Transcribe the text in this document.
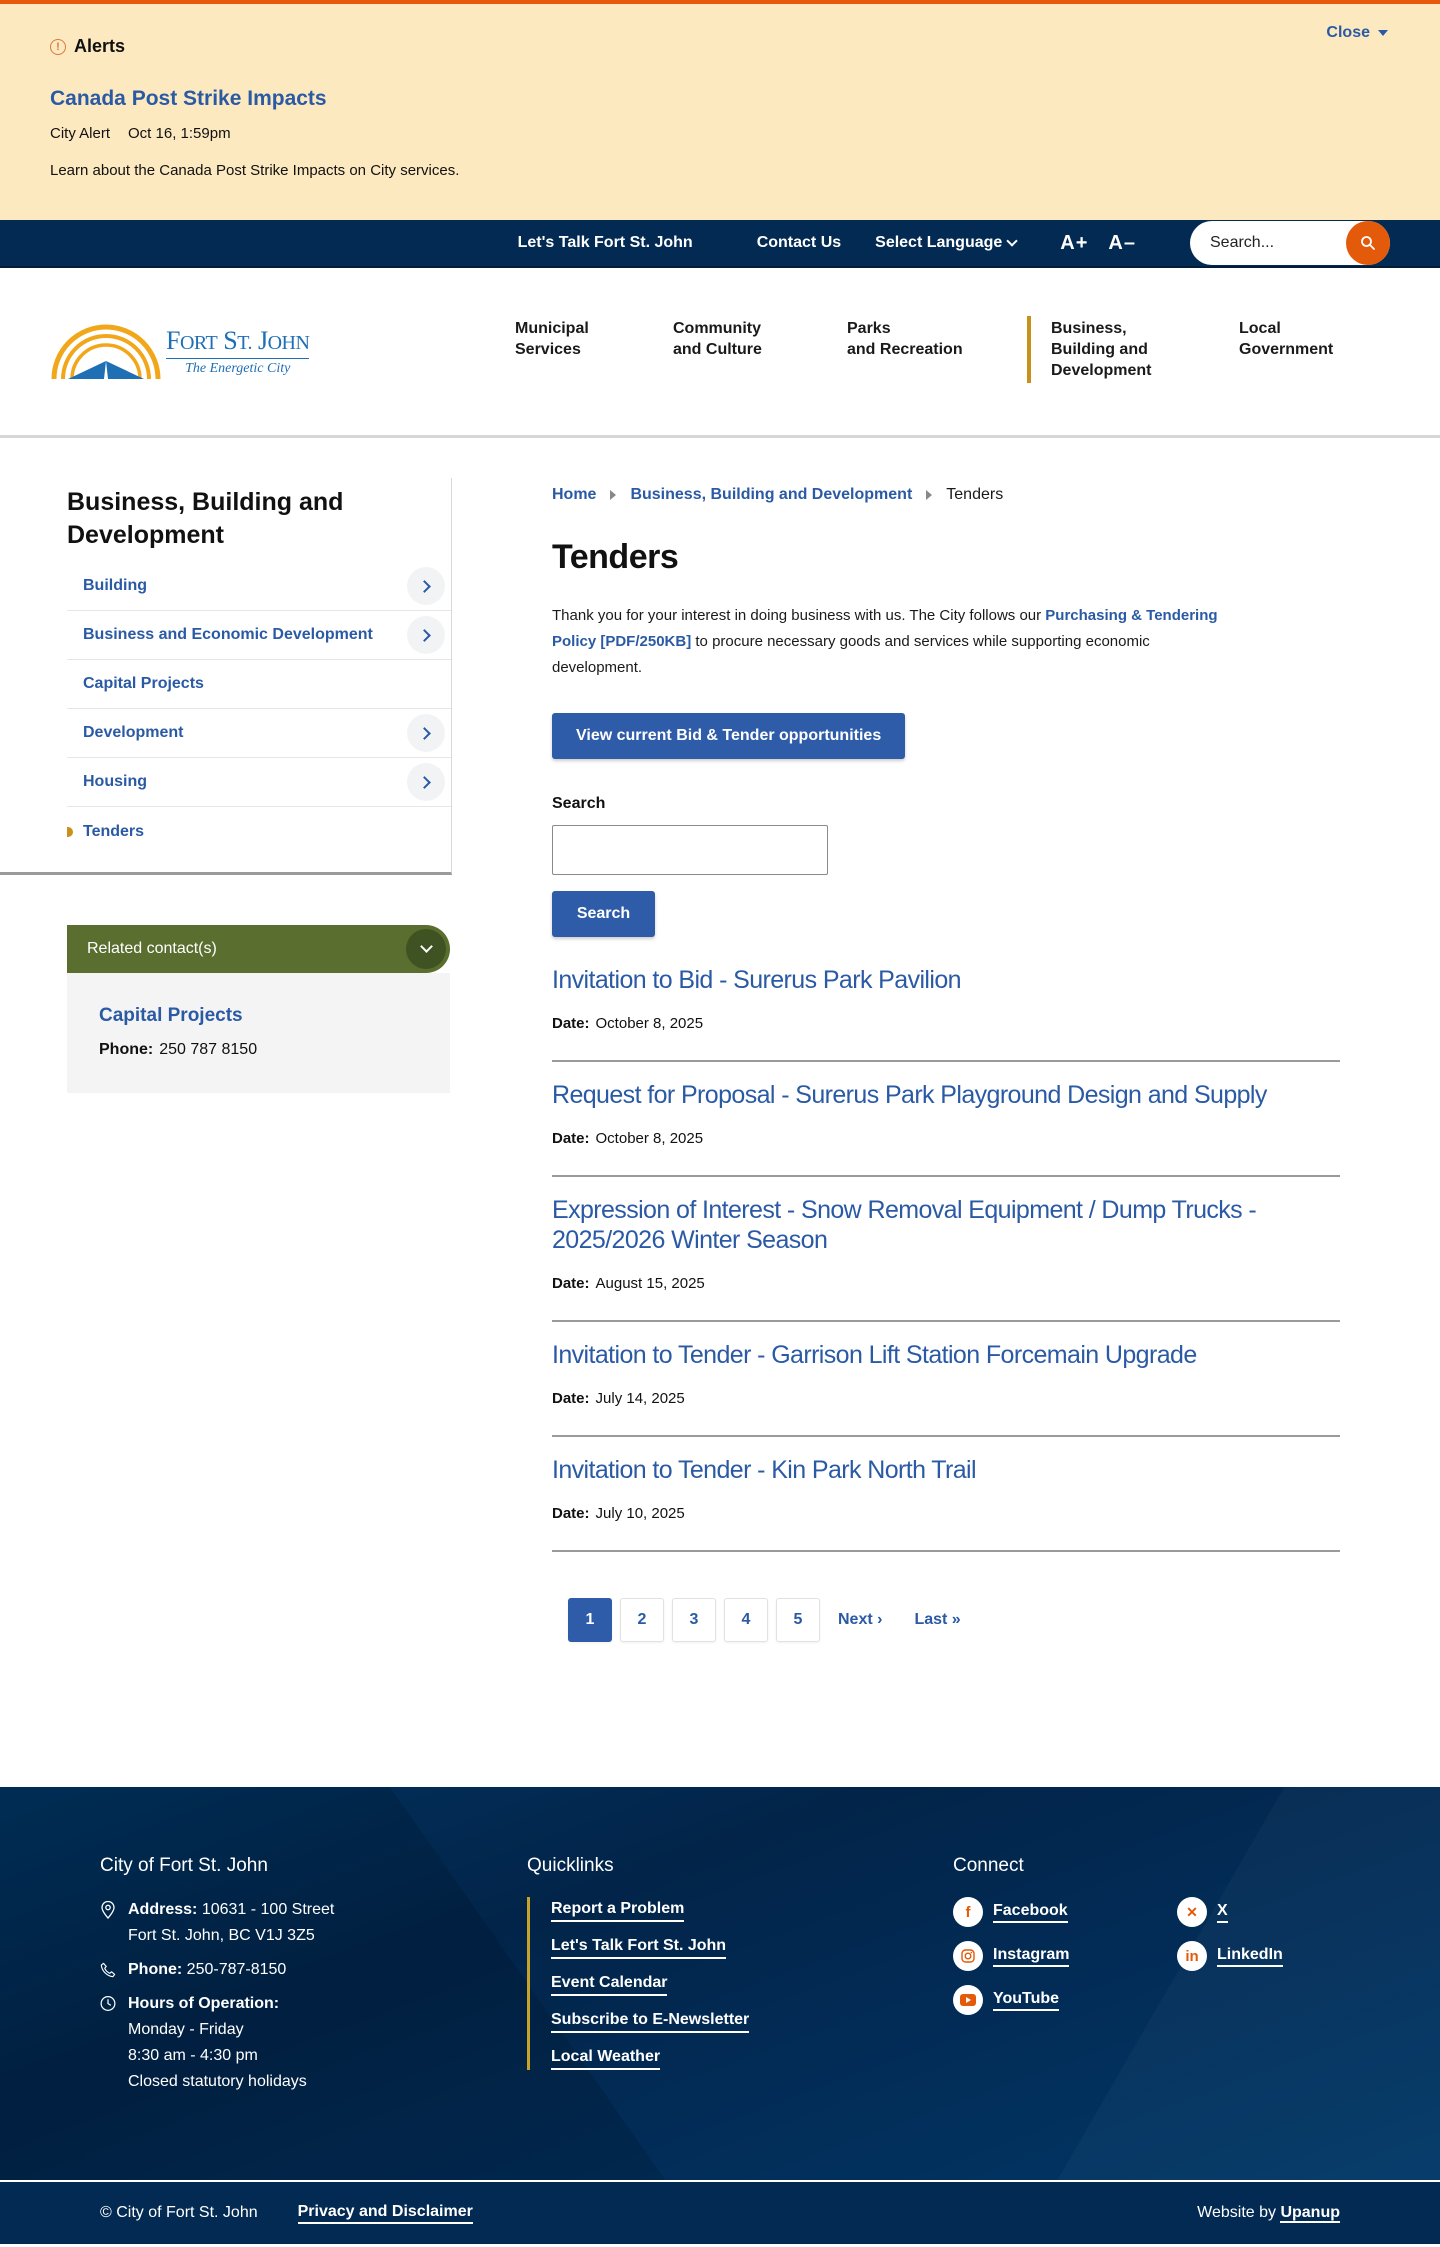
! Alerts
Canada Post Strike Impacts
City Alert Oct 16, 1:59pm

Learn about the Canada Post Strike Impacts on City services.

Close
Let's Talk Fort St. John	Contact Us Select Language	A+ A–
Search...
FORT ST. JOHN
The Energetic City
Municipal
Services
Community
and Culture
Parks
and Recreation
Business,
Building and
Development
Local
Government
Business, Building and Development
Building
Business and Economic Development
Capital Projects
Development
Housing
Tenders
Related contact(s)
Capital Projects
Phone: 250 787 8150
Home Business, Building and Development Tenders
Tenders

Thank you for your interest in doing business with us. The City follows our Purchasing & Tendering Policy [PDF/250KB] to procure necessary goods and services while supporting economic development.

View current Bid & Tender opportunities
Search
Search
Invitation to Bid - Surerus Park Pavilion
Date: October 8, 2025
Request for Proposal - Surerus Park Playground Design and Supply
Date: October 8, 2025
Expression of Interest - Snow Removal Equipment / Dump Trucks - 2025/2026 Winter Season
Date: August 15, 2025
Invitation to Tender - Garrison Lift Station Forcemain Upgrade
Date: July 14, 2025
Invitation to Tender - Kin Park North Trail
Date: July 10, 2025
1	2	3	4	5	Next › Last »
City of Fort St. John
Address: 10631 - 100 Street
Fort St. John, BC V1J 3Z5
Phone: 250-787-8150
Hours of Operation:
Monday - Friday
8:30 am - 4:30 pm
Closed statutory holidays
Quicklinks
Report a Problem
Let's Talk Fort St. John
Event Calendar
Subscribe to E-Newsletter
Local Weather
Connect
f	Facebook	✕	X
Instagram	in	LinkedIn
YouTube
© City of Fort St. John	Privacy and Disclaimer	Website by Upanup
